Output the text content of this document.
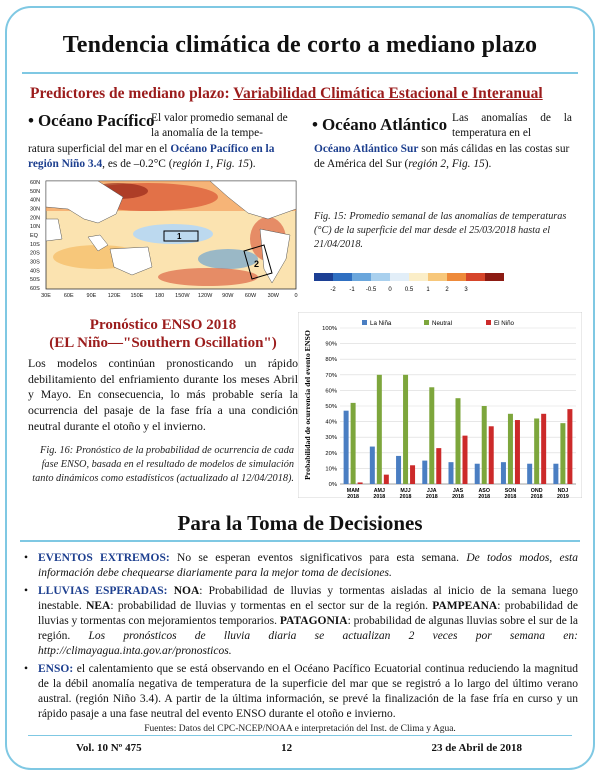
Tendencia climática de corto a mediano plazo
Predictores de mediano plazo: Variabilidad Climática Estacional e Interanual
• Océano Pacífico
El valor promedio semanal de la anomalía de la tempe-
ratura superficial del mar en el Océano Pacífico en la región Niño 3.4, es de –0.2°C (región 1, Fig. 15).
• Océano Atlántico Las anomalías de la temperatura en el
Océano Atlántico Sur son más cálidas en las costas sur de América del Sur (región 2, Fig. 15).
1
2
60N
50N
40N
30N
20N
10N
EQ
10S
20S
30S
40S
50S
60S
30E 60E 90E 120E 150E 180 150W 120W 90W 60W 30W	0
Fig. 15: Promedio semanal de las anomalías de temperaturas (°C) de la superficie del mar desde el 25/03/2018 hasta el 21/04/2018.
-2 -1 -0.5 0 0.5 1	2	3
Pronóstico ENSO 2018
(EL Niño—"Southern Oscillation")
Los modelos continúan pronosticando un rápido debilitamiento del enfriamiento durante los meses Abril y Mayo. En consecuencia, lo más probable sería la ocurrencia del pasaje de la fase fría a una condición neutral durante el otoño y el invierno.
Fig. 16: Pronóstico de la probabilidad de ocurrencia de cada fase ENSO, basada en el resultado de modelos de simulación tanto dinámicos como estadísticos (actualizado al 12/04/2018). Probabilidad de ocurrencia del evento ENSO
La Niña	Neutral	El Niño
0%
10%
20%
30%
40%
50%
60%
70%
80%
90%
100%
MAM 2018
AMJ 2018
MJJ 2018
JJA 2018
JAS 2018
ASO 2018
SON 2018
OND 2018
NDJ 2019
Para la Toma de Decisiones
• EVENTOS EXTREMOS: No se esperan eventos significativos para esta semana. De todos modos, esta información debe chequearse diariamente para la mejor toma de decisiones.
• LLUVIAS ESPERADAS: NOA: Probabilidad de lluvias y tormentas aisladas al inicio de la semana luego inestable. NEA: probabilidad de lluvias y tormentas en el sector sur de la región. PAMPEANA: probabilidad de lluvias y tormentas con mejoramientos temporarios. PATAGONIA: probabilidad de algunas lluvias sobre el sur de la región. Los pronósticos de lluvia diaria se actualizan 2 veces por semana en: http://climayagua.inta.gov.ar/pronosticos.
• ENSO: el calentamiento que se está observando en el Océano Pacífico Ecuatorial continua reduciendo la magnitud de la débil anomalía negativa de temperatura de la superficie del mar que se registró a lo largo del último verano austral. (región Niño 3.4). A partir de la última información, se prevé la finalización de la fase fría en curso y un rápido pasaje a una fase neutral del evento ENSO durante el otoño e invierno.
Fuentes: Datos del CPC-NCEP/NOAA e interpretación del Inst. de Clima y Agua.
Vol. 10 Nº 475	12	23 de Abril de 2018
